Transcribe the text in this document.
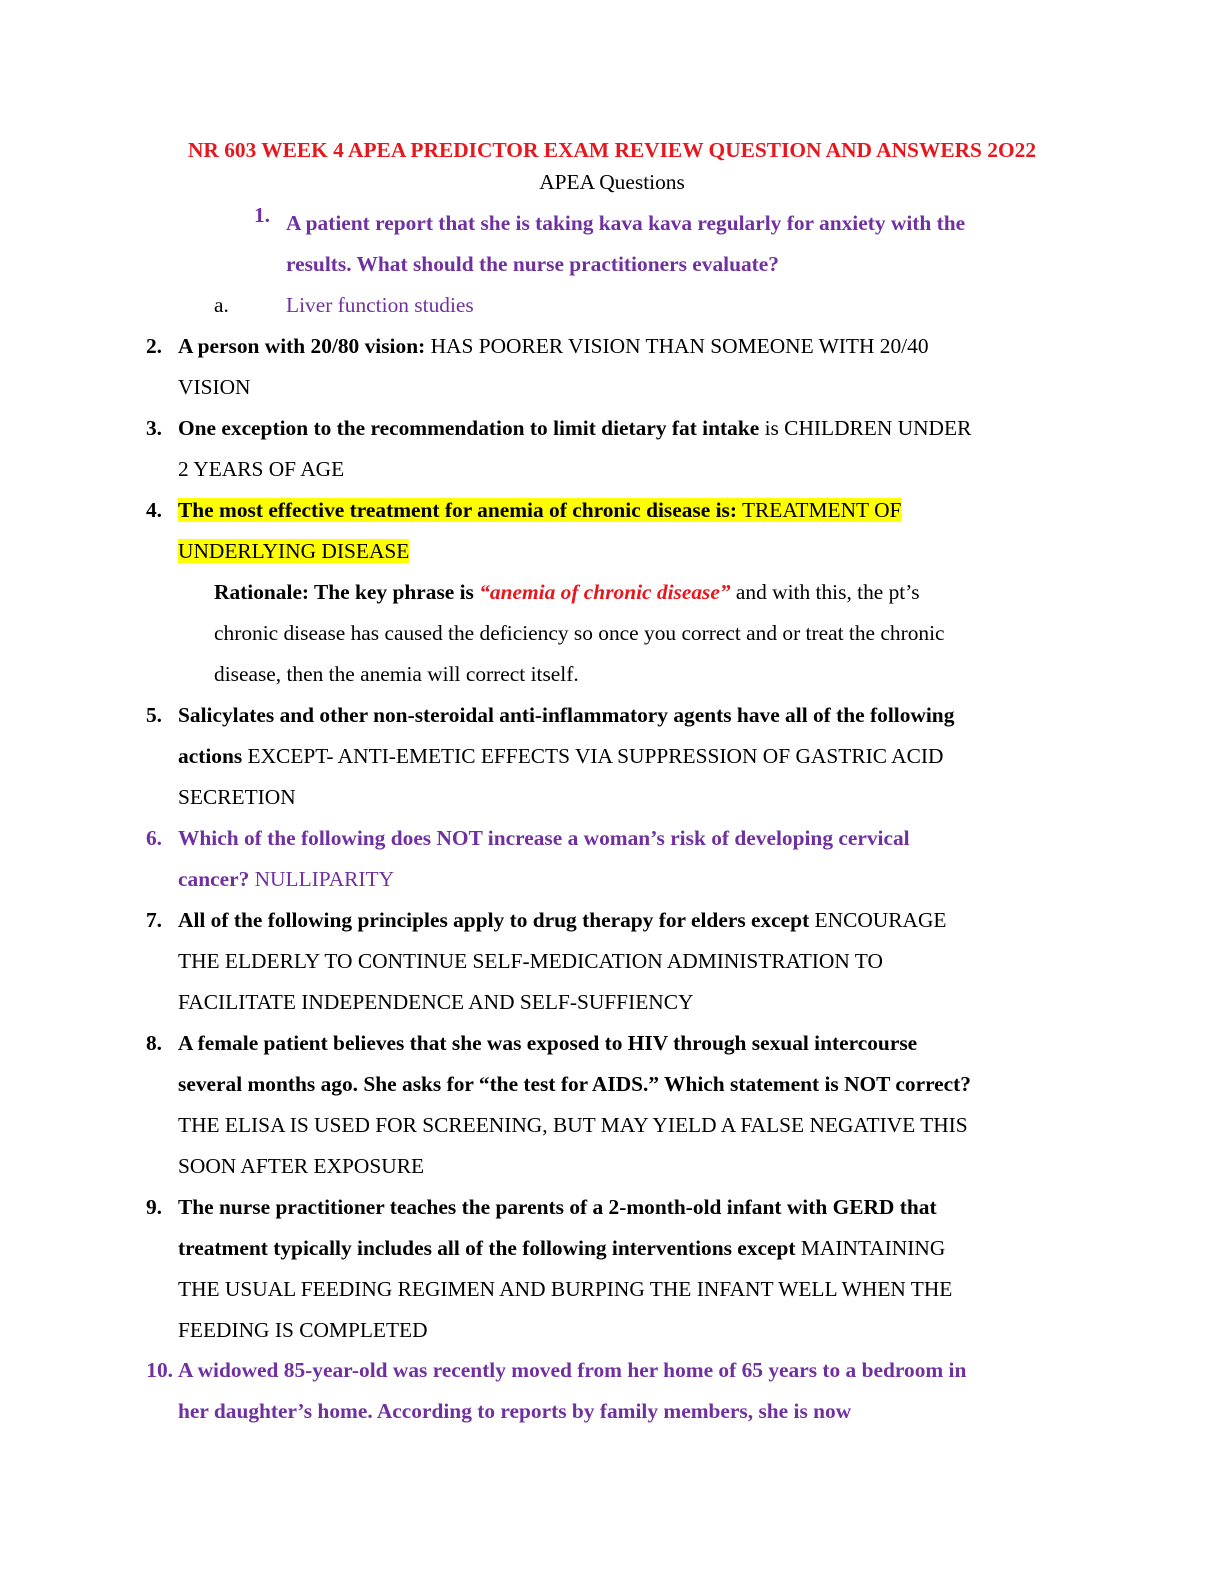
NR 603 WEEK 4 APEA PREDICTOR EXAM REVIEW QUESTION AND ANSWERS 2O22
APEA Questions
1. A patient report that she is taking kava kava regularly for anxiety with the
results. What should the nurse practitioners evaluate?
a.	Liver function studies
2. A person with 20/80 vision: HAS POORER VISION THAN SOMEONE WITH 20/40
VISION
3. One exception to the recommendation to limit dietary fat intake is CHILDREN UNDER
2 YEARS OF AGE
4. The most effective treatment for anemia of chronic disease is: TREATMENT OF
UNDERLYING DISEASE
Rationale: The key phrase is “anemia of chronic disease” and with this, the pt’s
chronic disease has caused the deficiency so once you correct and or treat the chronic
disease, then the anemia will correct itself.
5. Salicylates and other non-steroidal anti-inflammatory agents have all of the following
actions EXCEPT- ANTI-EMETIC EFFECTS VIA SUPPRESSION OF GASTRIC ACID
SECRETION
6. Which of the following does NOT increase a woman’s risk of developing cervical
cancer? NULLIPARITY
7. All of the following principles apply to drug therapy for elders except ENCOURAGE
THE ELDERLY TO CONTINUE SELF-MEDICATION ADMINISTRATION TO
FACILITATE INDEPENDENCE AND SELF-SUFFIENCY
8. A female patient believes that she was exposed to HIV through sexual intercourse
several months ago. She asks for “the test for AIDS.” Which statement is NOT correct?
THE ELISA IS USED FOR SCREENING, BUT MAY YIELD A FALSE NEGATIVE THIS
SOON AFTER EXPOSURE
9. The nurse practitioner teaches the parents of a 2-month-old infant with GERD that
treatment typically includes all of the following interventions except MAINTAINING
THE USUAL FEEDING REGIMEN AND BURPING THE INFANT WELL WHEN THE
FEEDING IS COMPLETED
10. A widowed 85-year-old was recently moved from her home of 65 years to a bedroom in
her daughter’s home. According to reports by family members, she is now
